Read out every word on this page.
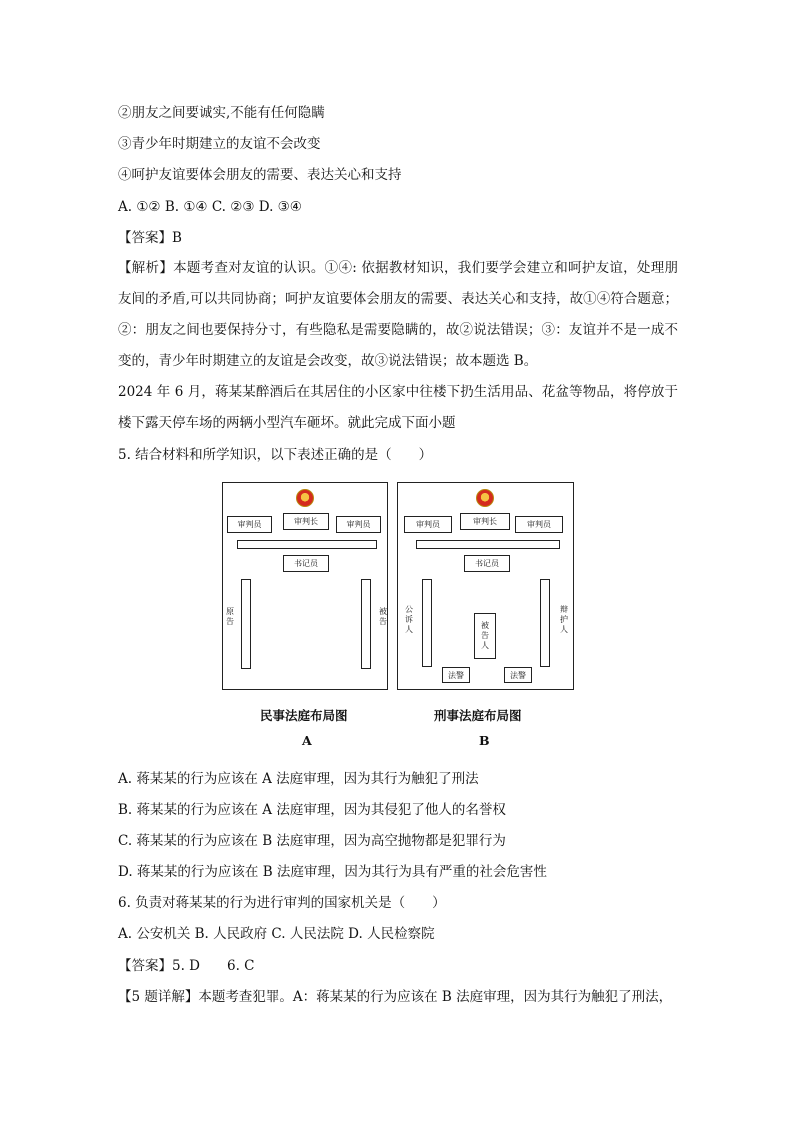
②朋友之间要诚实,不能有任何隐瞒
③青少年时期建立的友谊不会改变
④呵护友谊要体会朋友的需要、表达关心和支持
A. ①② B. ①④ C. ②③ D. ③④
【答案】B
【解析】本题考查对友谊的认识。①④: 依据教材知识，我们要学会建立和呵护友谊，处理朋友间的矛盾,可以共同协商；呵护友谊要体会朋友的需要、表达关心和支持，故①④符合题意；②：朋友之间也要保持分寸，有些隐私是需要隐瞒的，故②说法错误；③：友谊并不是一成不变的，青少年时期建立的友谊是会改变，故③说法错误；故本题选 B。
2024 年 6 月，蒋某某醉酒后在其居住的小区家中往楼下扔生活用品、花盆等物品，将停放于楼下露天停车场的两辆小型汽车砸坏。就此完成下面小题
5. 结合材料和所学知识，以下表述正确的是（　　）
审判员	审判长	审判员
书记员
原告
被告
审判员	审判长	审判员
书记员
公诉人
辩护人
被告人
法警	法警
民事法庭布局图	刑事法庭布局图
A	B
A. 蒋某某的行为应该在 A 法庭审理，因为其行为触犯了刑法
B. 蒋某某的行为应该在 A 法庭审理，因为其侵犯了他人的名誉权
C. 蒋某某的行为应该在 B 法庭审理，因为高空抛物都是犯罪行为
D. 蒋某某的行为应该在 B 法庭审理，因为其行为具有严重的社会危害性
6. 负责对蒋某某的行为进行审判的国家机关是（　　）
A. 公安机关 B. 人民政府 C. 人民法院 D. 人民检察院
【答案】5. D　　6. C
【5 题详解】本题考查犯罪。A：蒋某某的行为应该在 B 法庭审理，因为其行为触犯了刑法，
